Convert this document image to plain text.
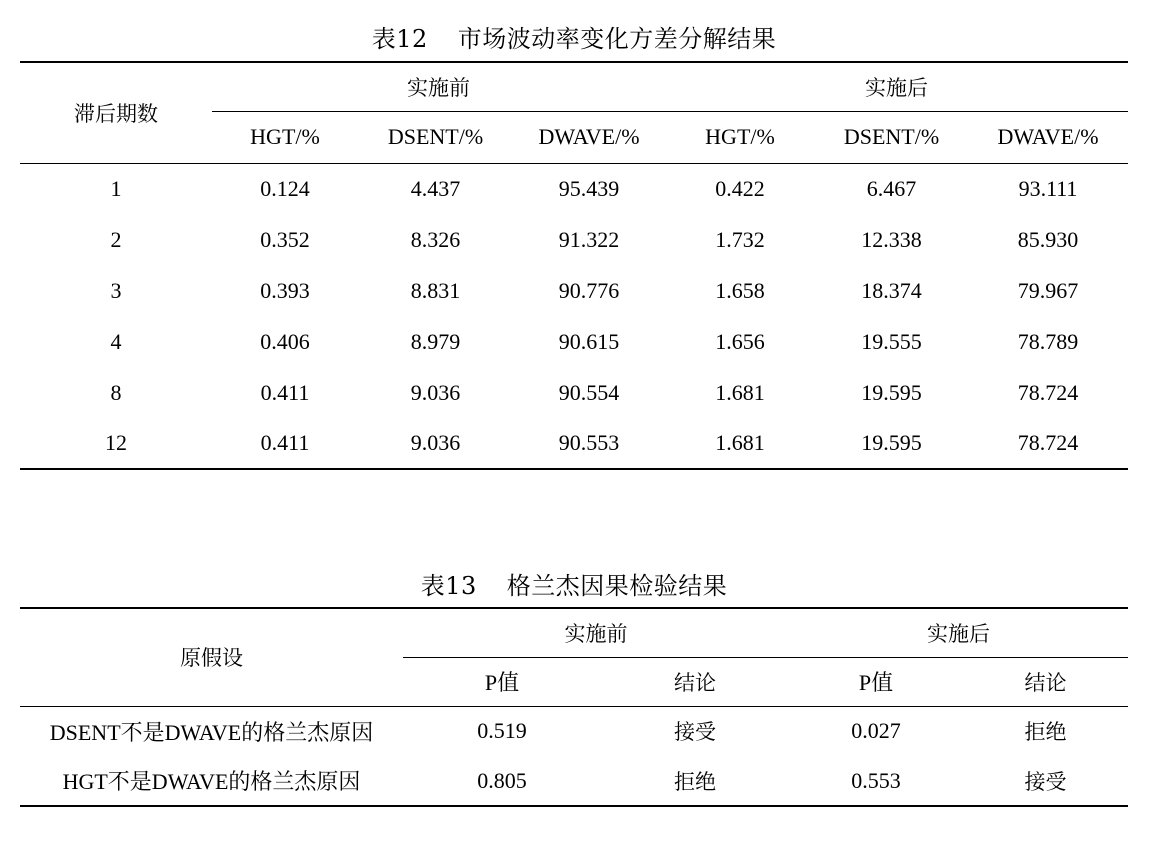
表12 市场波动率变化方差分解结果
滞后期数	实施前			实施后		
	HGT/%	DSENT/%	DWAVE/%	HGT/%	DSENT/%	DWAVE/%
1	0.124	4.437	95.439	0.422	6.467	93.111
2	0.352	8.326	91.322	1.732	12.338	85.930
3	0.393	8.831	90.776	1.658	18.374	79.967
4	0.406	8.979	90.615	1.656	19.555	78.789
8	0.411	9.036	90.554	1.681	19.595	78.724
12	0.411	9.036	90.553	1.681	19.595	78.724
表13 格兰杰因果检验结果
原假设	实施前		实施后	
	P值	结论	P值	结论
DSENT不是DWAVE的格兰杰原因	0.519	接受	0.027	拒绝
HGT不是DWAVE的格兰杰原因	0.805	拒绝	0.553	接受
